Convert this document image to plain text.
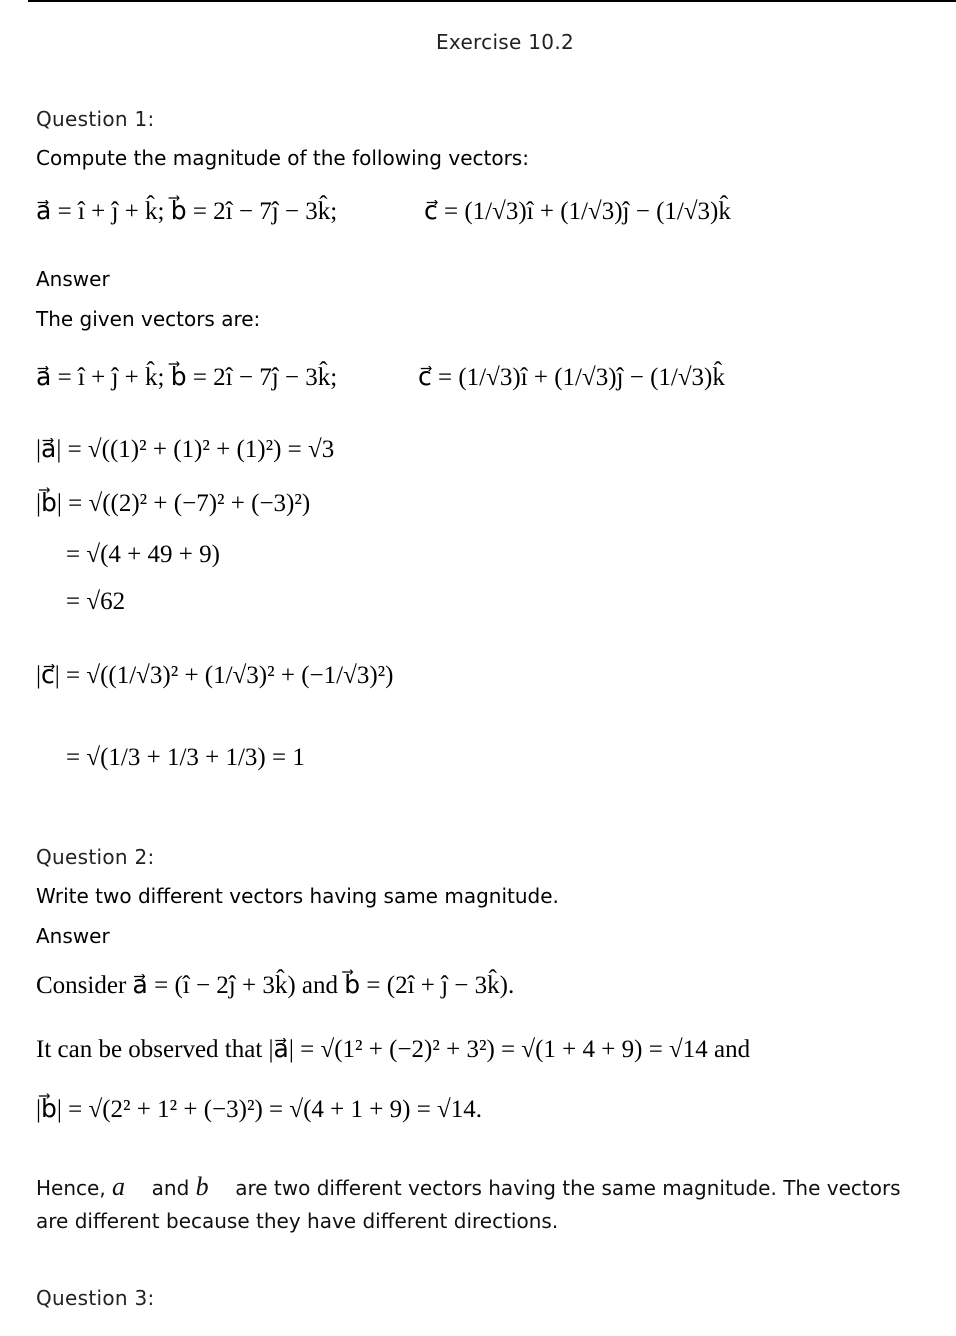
Exercise 10.2
Question 1:
Compute the magnitude of the following vectors:
a⃗ = î + ĵ + k̂; b⃗ = 2î − 7ĵ − 3k̂;	c⃗ = (1/√3)î + (1/√3)ĵ − (1/√3)k̂
Answer
The given vectors are:
a⃗ = î + ĵ + k̂; b⃗ = 2î − 7ĵ − 3k̂;	c⃗ = (1/√3)î + (1/√3)ĵ − (1/√3)k̂
|a⃗| = √((1)² + (1)² + (1)²) = √3
|b⃗| = √((2)² + (−7)² + (−3)²)
= √(4 + 49 + 9)
= √62
|c⃗| = √((1/√3)² + (1/√3)² + (−1/√3)²)
= √(1/3 + 1/3 + 1/3) = 1
Question 2:
Write two different vectors having same magnitude.
Answer
Consider a⃗ = (î − 2ĵ + 3k̂) and b⃗ = (2î + ĵ − 3k̂).
It can be observed that |a⃗| = √(1² + (−2)² + 3²) = √(1 + 4 + 9) = √14 and
|b⃗| = √(2² + 1² + (−3)²) = √(4 + 1 + 9) = √14.
Hence, a⃗ and b⃗ are two different vectors having the same magnitude. The vectors are different because they have different directions.
Question 3:
